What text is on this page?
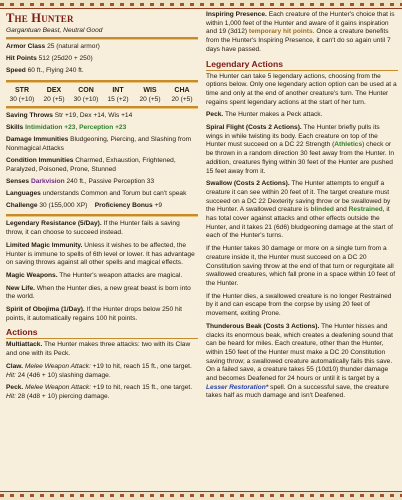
The Hunter
Gargantuan Beast, Neutral Good

Armor Class 25 (natural armor)

Hit Points 512 (25d20 + 250)

Speed 60 ft., Flying 240 ft.

STR
30 (+10)
DEX
20 (+5)
CON
30 (+10)
INT
15 (+2)
WIS
20 (+5)
CHA
20 (+5)

Saving Throws Str +19, Dex +14, Wis +14

Skills Intimidation +23, Perception +23

Damage Immunities Bludgeoning, Piercing, and Slashing from Nonmagical Attacks

Condition Immunities Charmed, Exhaustion, Frightened, Paralyzed, Poisoned, Prone, Stunned

Senses Darkvision 240 ft., Passive Perception 33

Languages understands Common and Torum but can't speak

Challenge 30 (155,000 XP) Proficiency Bonus +9

Legendary Resistance (5/Day). If the Hunter fails a saving throw, it can choose to succeed instead.

Limited Magic Immunity. Unless it wishes to be affected, the Hunter is immune to spells of 6th level or lower. It has advantage on saving throws against all other spells and magical effects.

Magic Weapons. The Hunter's weapon attacks are magical.

New Life. When the Hunter dies, a new great beast is born into the world.

Spirit of Obojima (1/Day). If the Hunter drops below 250 hit points, it automatically regains 100 hit points.

Actions

Multiattack. The Hunter makes three attacks: two with its Claw and one with its Peck.

Claw. Melee Weapon Attack: +19 to hit, reach 15 ft., one target. Hit: 24 (4d6 + 10) slashing damage.

Peck. Melee Weapon Attack: +19 to hit, reach 15 ft., one target. Hit: 28 (4d8 + 10) piercing damage.

Inspiring Presence. Each creature of the Hunter's choice that is within 1,000 feet of the Hunter and aware of it gains inspiration and 19 (3d12) temporary hit points. Once a creature benefits from the Hunter's Inspiring Presence, it can't do so again until 7 days have passed.

Legendary Actions

The Hunter can take 5 legendary actions, choosing from the options below. Only one legendary action option can be used at a time and only at the end of another creature's turn. The Hunter regains spent legendary actions at the start of her turn.

Peck. The Hunter makes a Peck attack.

Spiral Flight (Costs 2 Actions). The Hunter briefly pulls its wings in while twisting its body. Each creature on top of the Hunter must succeed on a DC 22 Strength (Athletics) check or be thrown in a random direction 30 feet away from the Hunter. In addition, creatures flying within 30 feet of the Hunter are pushed 15 feet away from it.

Swallow (Costs 2 Actions). The Hunter attempts to engulf a creature it can see within 20 feet of it. The target creature must succeed on a DC 22 Dexterity saving throw or be swallowed by the Hunter. A swallowed creature is blinded and Restrained, it has total cover against attacks and other effects outside the Hunter, and it takes 21 (6d6) bludgeoning damage at the start of each of the Hunter's turns.

If the Hunter takes 30 damage or more on a single turn from a creature inside it, the Hunter must succeed on a DC 20 Constitution saving throw at the end of that turn or regurgitate all swallowed creatures, which fall prone in a space within 10 feet of the Hunter.

If the Hunter dies, a swallowed creature is no longer Restrained by it and can escape from the corpse by using 20 feet of movement, exiting Prone.

Thunderous Beak (Costs 3 Actions). The Hunter hisses and clacks its enormous beak, which creates a deafening sound that can be heard for miles. Each creature, other than the Hunter, within 150 feet of the Hunter must make a DC 20 Constitution saving throw; a swallowed creature automatically fails this save. On a failed save, a creature takes 55 (10d10) thunder damage and becomes Deafened for 24 hours or until it is target by a Lesser Restoration* spell. On a successful save, the creature takes half as much damage and isn't Deafened.
